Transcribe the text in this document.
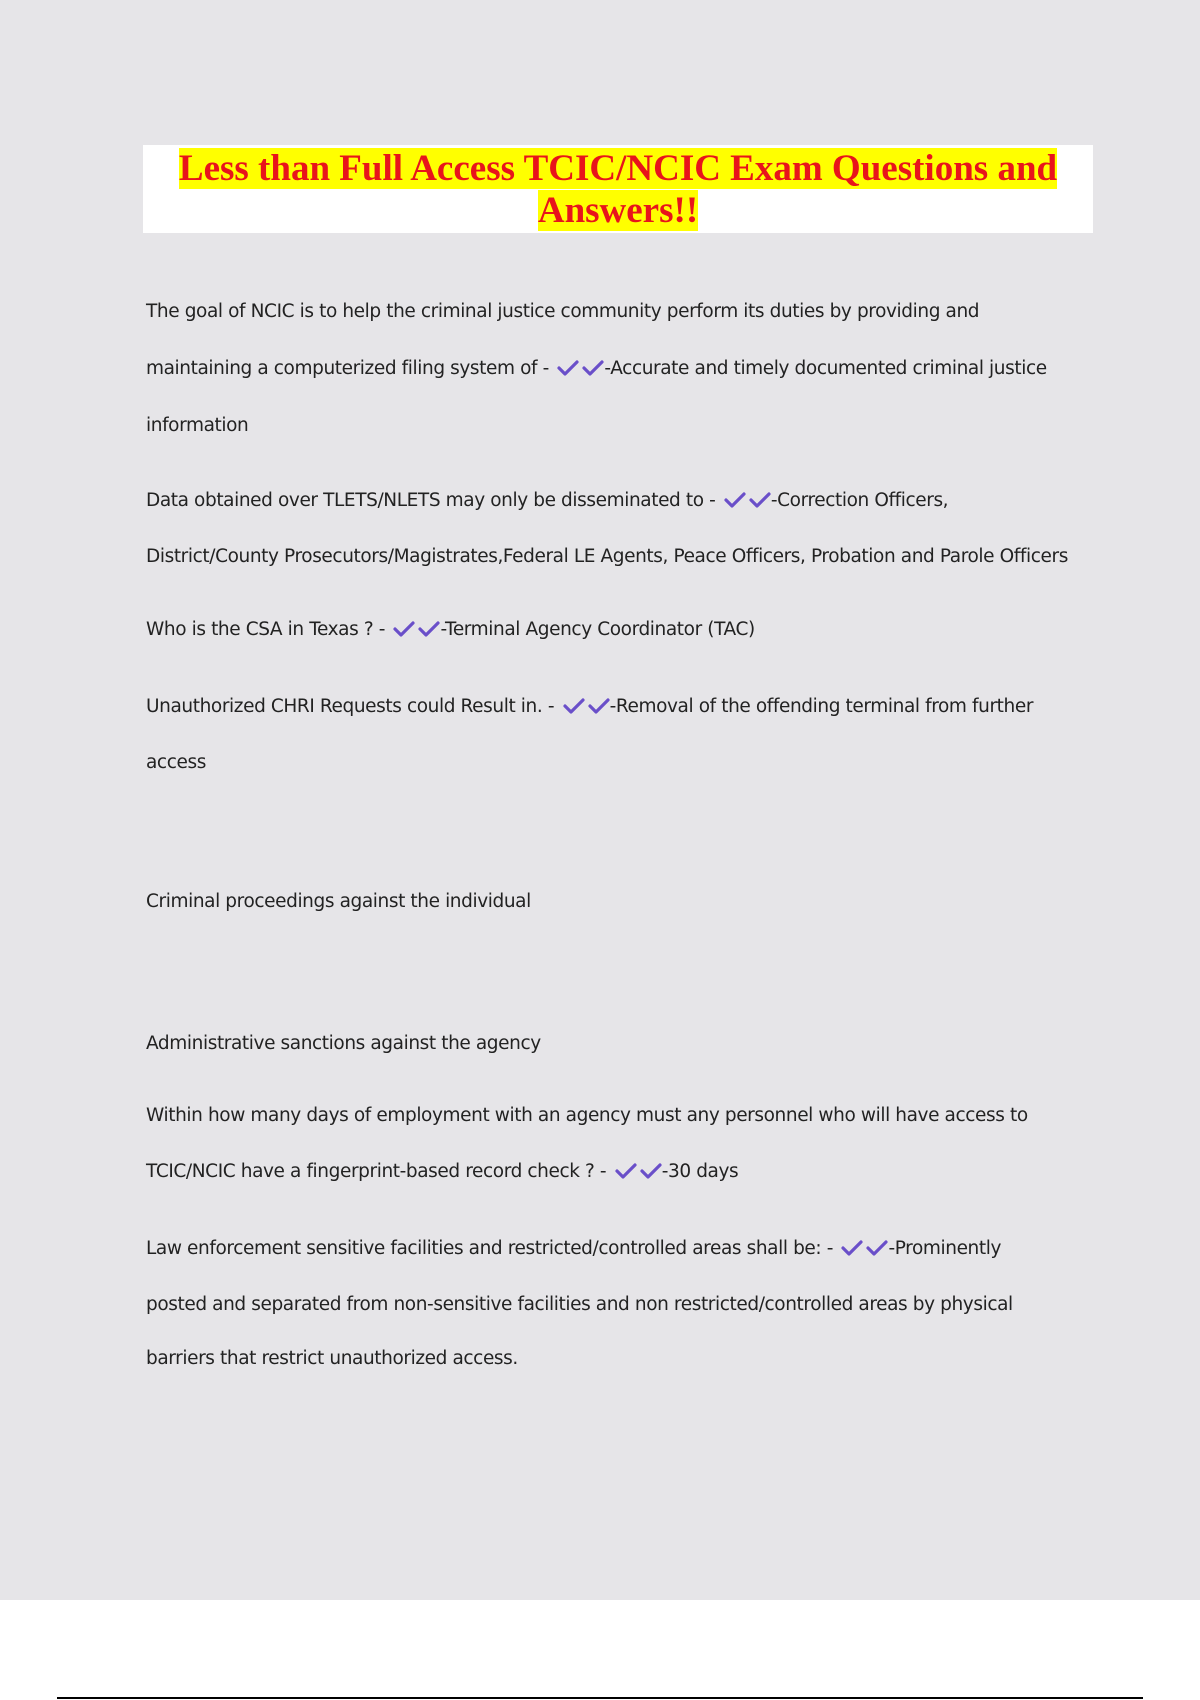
Less than Full Access TCIC/NCIC Exam Questions and
Answers!!

The goal of NCIC is to help the criminal justice community perform its duties by providing and

maintaining a computerized filing system of -	-Accurate and timely documented criminal justice

information

Data obtained over TLETS/NLETS may only be disseminated to -	-Correction Officers,

District/County Prosecutors/Magistrates,Federal LE Agents, Peace Officers, Probation and Parole Officers

Who is the CSA in Texas ? -	-Terminal Agency Coordinator (TAC)

Unauthorized CHRI Requests could Result in. -	-Removal of the offending terminal from further

access

Criminal proceedings against the individual

Administrative sanctions against the agency

Within how many days of employment with an agency must any personnel who will have access to

TCIC/NCIC have a fingerprint-based record check ? -	-30 days

Law enforcement sensitive facilities and restricted/controlled areas shall be: -	-Prominently

posted and separated from non-sensitive facilities and non restricted/controlled areas by physical

barriers that restrict unauthorized access.
